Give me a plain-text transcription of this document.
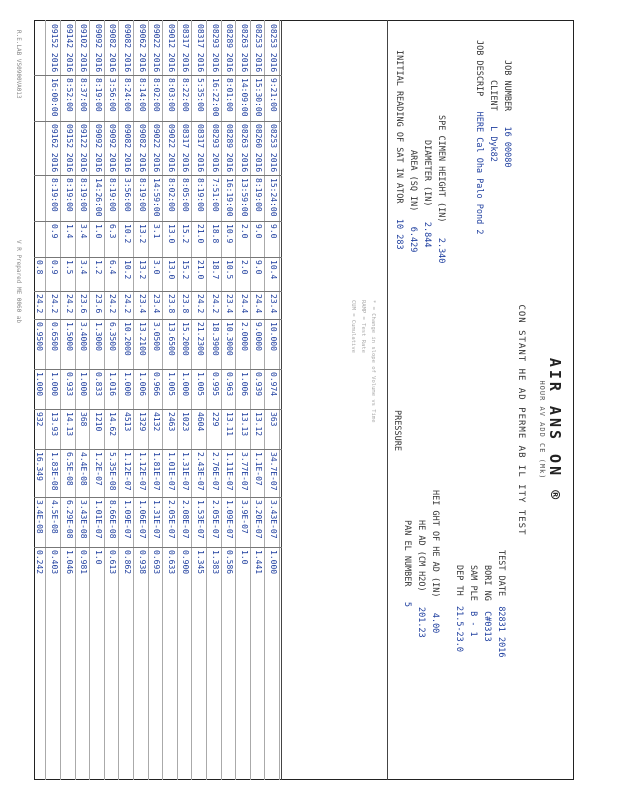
AIR ANS ON ®
HOUR AV ADD CE (Mk)
CON STANT HE AD PERME AB IL ITY TEST
JOB NUMBER   16 00080
CLIENT   L Dyk82
JOB DESCRIP   HERE Cal Oha Palo Pond 2
SPE CIMEN HEIGHT (IN)   2.340
DIAMETER (IN)   2.844
AREA (SQ IN)   6.429
INITIAL READING OF SAT IN ATOR   10 283
TEST DATE  82831 2016
BORI NG  C#0313
SAM PLE  B - 1
DEP TH  21.5-23.0
HEI GHT OF HE AD (IN)   4.00
HE AD (CM H2O)   201.23
PAN EL NUMBER   5
PRESSURE
* = Change in slope of Volume vs Time
RAMP = Test Rate
CUM = Cumulative
08253 2016
9:21:00
08253 2016
15:24:00
9.0
10.4
23.4
10.000
0.974
363
34.7E-07
3.43E-07
1.000
08253 2016
15:30:00
08260 2016
8:19:00
9.0
9.0
24.4
9.0000
0.939
13.12
1.1E-07
3.20E-07
1.441
08263 2016
14:09:00
08263 2016
13:59:00
2.0
2.0
24.4
2.0000
1.006
13.13
3.77E-07
3.9E-07
1.0
08289 2016
8:01:00
08289 2016
16:19:00
10.9
10.5
23.4
10.3000
0.963
13.11
1.11E-07
1.09E-07
0.586
08293 2016
16:22:00
08293 2016
7:51:00
18.8
18.7
24.2
18.3900
0.995
229
2.76E-07
2.05E-07
1.383
08317 2016
5:35:00
08317 2016
8:19:00
21.0
21.0
24.2
21.2300
1.005
4604
2.43E-07
1.53E-07
1.345
08317 2016
8:22:00
08317 2016
8:05:00
15.2
15.2
23.8
15.2000
1.000
1023
1.31E-07
2.08E-07
0.900
09012 2016
8:03:00
09022 2016
8:02:00
13.0
13.0
23.8
13.6500
1.005
2463
1.01E-07
2.05E-07
0.633
09022 2016
8:02:00
09022 2016
14:59:00
3.1
3.0
23.4
3.0500
0.966
4132
1.81E-07
1.31E-07
0.693
09062 2016
8:14:00
09082 2016
8:19:00
13.2
13.2
23.4
13.2100
1.006
1329
1.12E-07
1.06E-07
0.938
09082 2016
8:24:00
09082 2016
3:56:00
10.2
10.2
24.2
10.2000
1.000
4513
1.12E-07
1.09E-07
0.862
09082 2016
3:56:00
09092 2016
8:19:00
6.3
6.4
24.2
6.3500
1.016
14.62
5.35E-08
8.66E-08
0.613
09092 2016
8:19:00
09092 2016
14:26:00
1.0
1.2
23.6
1.3000
0.833
1210
1.2E-07
1.01E-07
1.0
09102 2016
8:37:00
09122 2016
8:19:00
3.4
3.4
23.6
3.4000
1.000
368
4.4E-08
3.43E-08
0.981
09142 2016
8:52:00
09152 2016
8:19:00
1.4
1.5
24.2
1.5000
0.933
14.13
6.5E-08
6.29E-08
1.046
09152 2016
16:00:00
09162 2016
8:19:00
0.9
0.9
24.2
0.6500
1.000
13.93
1.83E-08
4.5E-08
0.403
0.8
24.2
0.9500
1.000
932
16.349
3.4E-08
0.242
R.E.LAB VS0900VA013
V R Prepared ME 0060 ab
